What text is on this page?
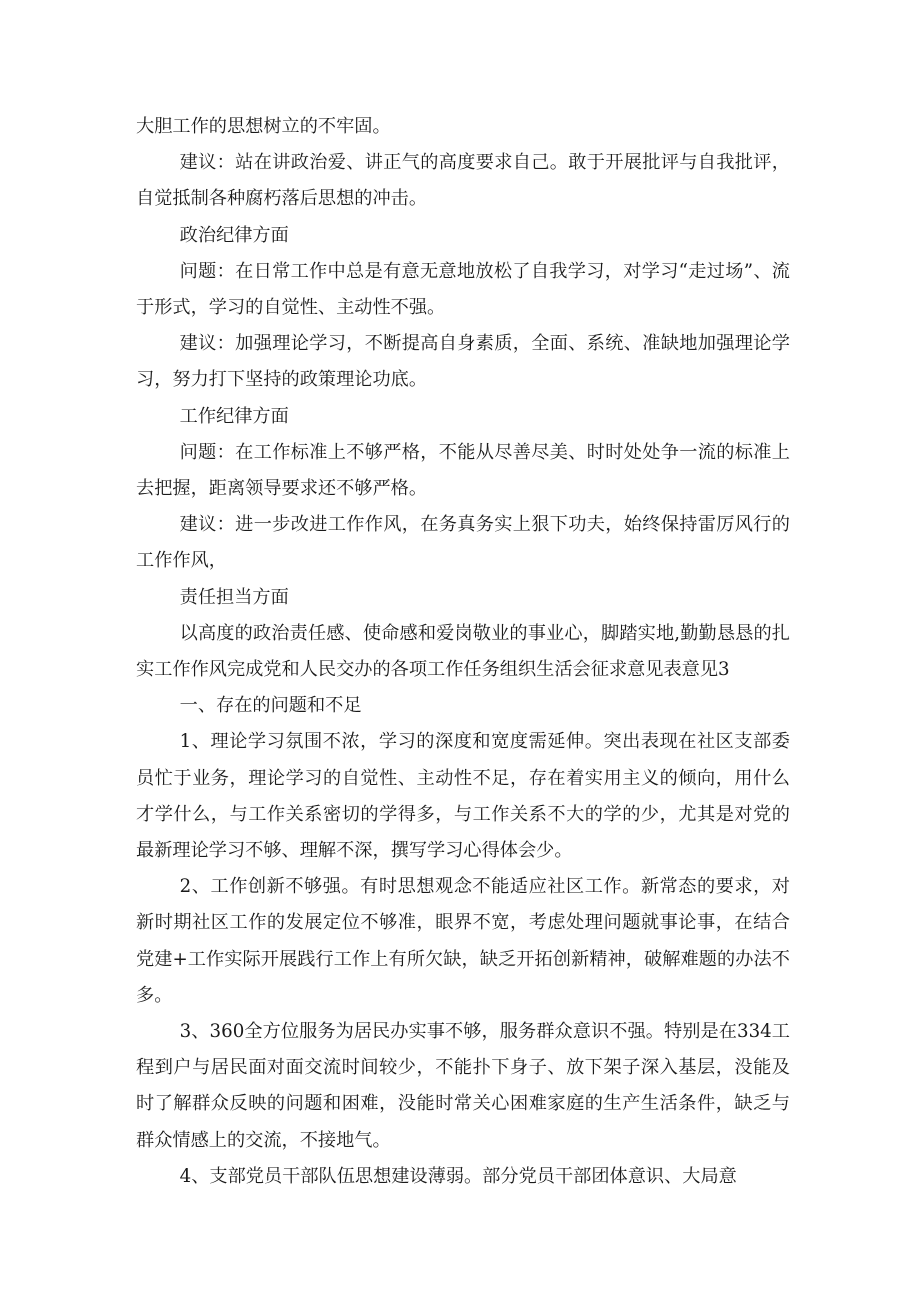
大胆工作的思想树立的不牢固。

建议：站在讲政治爱、讲正气的高度要求自己。敢于开展批评与自我批评，自觉抵制各种腐朽落后思想的冲击。

政治纪律方面

问题：在日常工作中总是有意无意地放松了自我学习，对学习“走过场”、流于形式，学习的自觉性、主动性不强。

建议：加强理论学习，不断提高自身素质，全面、系统、准缺地加强理论学习，努力打下坚持的政策理论功底。

工作纪律方面

问题：在工作标准上不够严格，不能从尽善尽美、时时处处争一流的标准上去把握，距离领导要求还不够严格。

建议：进一步改进工作作风，在务真务实上狠下功夫，始终保持雷厉风行的工作作风，

责任担当方面

以高度的政治责任感、使命感和爱岗敬业的事业心，脚踏实地,勤勤恳恳的扎实工作作风完成党和人民交办的各项工作任务组织生活会征求意见表意见3

一、存在的问题和不足

1、理论学习氛围不浓，学习的深度和宽度需延伸。突出表现在社区支部委员忙于业务，理论学习的自觉性、主动性不足，存在着实用主义的倾向，用什么才学什么，与工作关系密切的学得多，与工作关系不大的学的少，尤其是对党的最新理论学习不够、理解不深，撰写学习心得体会少。

2、工作创新不够强。有时思想观念不能适应社区工作。新常态的要求，对新时期社区工作的发展定位不够准，眼界不宽，考虑处理问题就事论事，在结合党建+工作实际开展践行工作上有所欠缺，缺乏开拓创新精神，破解难题的办法不多。

3、360全方位服务为居民办实事不够，服务群众意识不强。特别是在334工程到户与居民面对面交流时间较少，不能扑下身子、放下架子深入基层，没能及时了解群众反映的问题和困难，没能时常关心困难家庭的生产生活条件，缺乏与群众情感上的交流，不接地气。

4、支部党员干部队伍思想建设薄弱。部分党员干部团体意识、大局意
